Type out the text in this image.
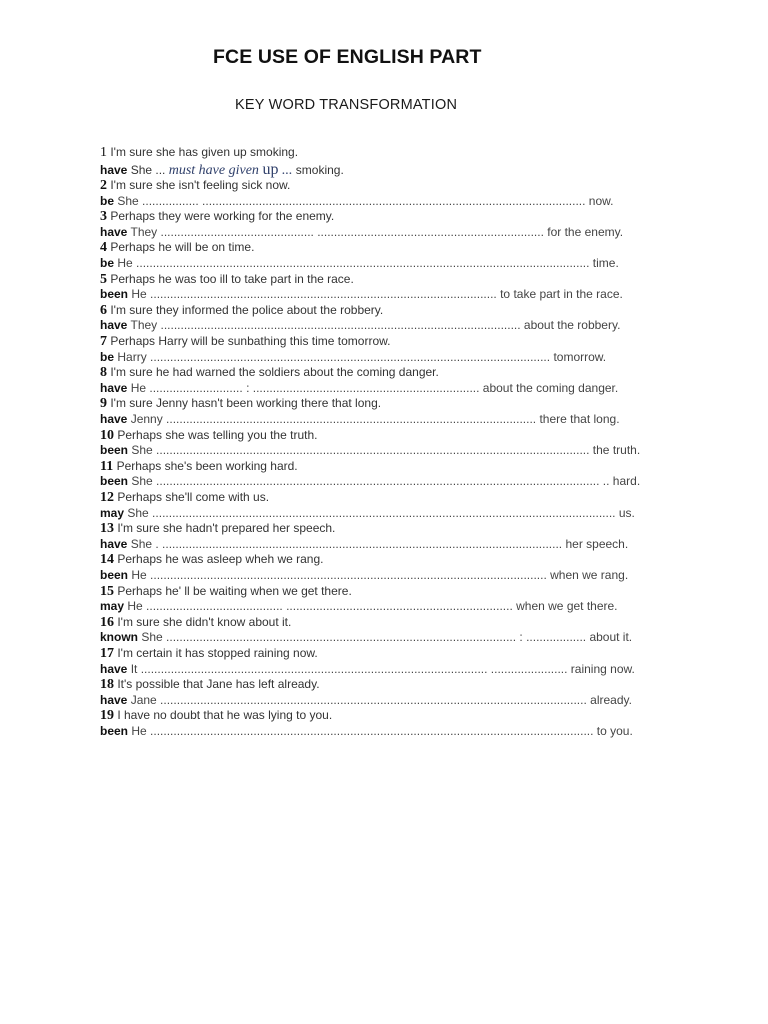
FCE USE OF ENGLISH PART
KEY WORD TRANSFORMATION
1 I'm sure she has given up smoking.
have She ... must have given up ... smoking.
2 I'm sure she isn't feeling sick now.
be She ................. ................................................................................................................... now.
3 Perhaps they were working for the enemy.
have They .............................................. .................................................................... for the enemy.
4 Perhaps he will be on time.
be He ........................................................................................................................................ time.
5 Perhaps he was too ill to take part in the race.
been He ........................................................................................................ to take part in the race.
6 I'm sure they informed the police about the robbery.
have They ............................................................................................................ about the robbery.
7 Perhaps Harry will be sunbathing this time tomorrow.
be Harry ........................................................................................................................ tomorrow.
8 I'm sure he had warned the soldiers about the coming danger.
have He ............................ : .................................................................... about the coming danger.
9 I'm sure Jenny hasn't been working there that long.
have Jenny ............................................................................................................... there that long.
10 Perhaps she was telling you the truth.
been She .................................................................................................................................. the truth.
11 Perhaps she's been working hard.
been She ..................................................................................................................................... .. hard.
12 Perhaps she'll come with us.
may She ........................................................................................................................................... us.
13 I'm sure she hadn't prepared her speech.
have She . ........................................................................................................................ her speech.
14 Perhaps he was asleep wheh we rang.
been He ....................................................................................................................... when we rang.
15 Perhaps he' ll be waiting when we get there.
may He ......................................... .................................................................... when we get there.
16 I'm sure she didn't know about it.
known She ......................................................................................................... : .................. about it.
17 I'm certain it has stopped raining now.
have It ........................................................................................................ ....................... raining now.
18 It's possible that Jane has left already.
have Jane ................................................................................................................................ already.
19 I have no doubt that he was lying to you.
been He ..................................................................................................................................... to you.
